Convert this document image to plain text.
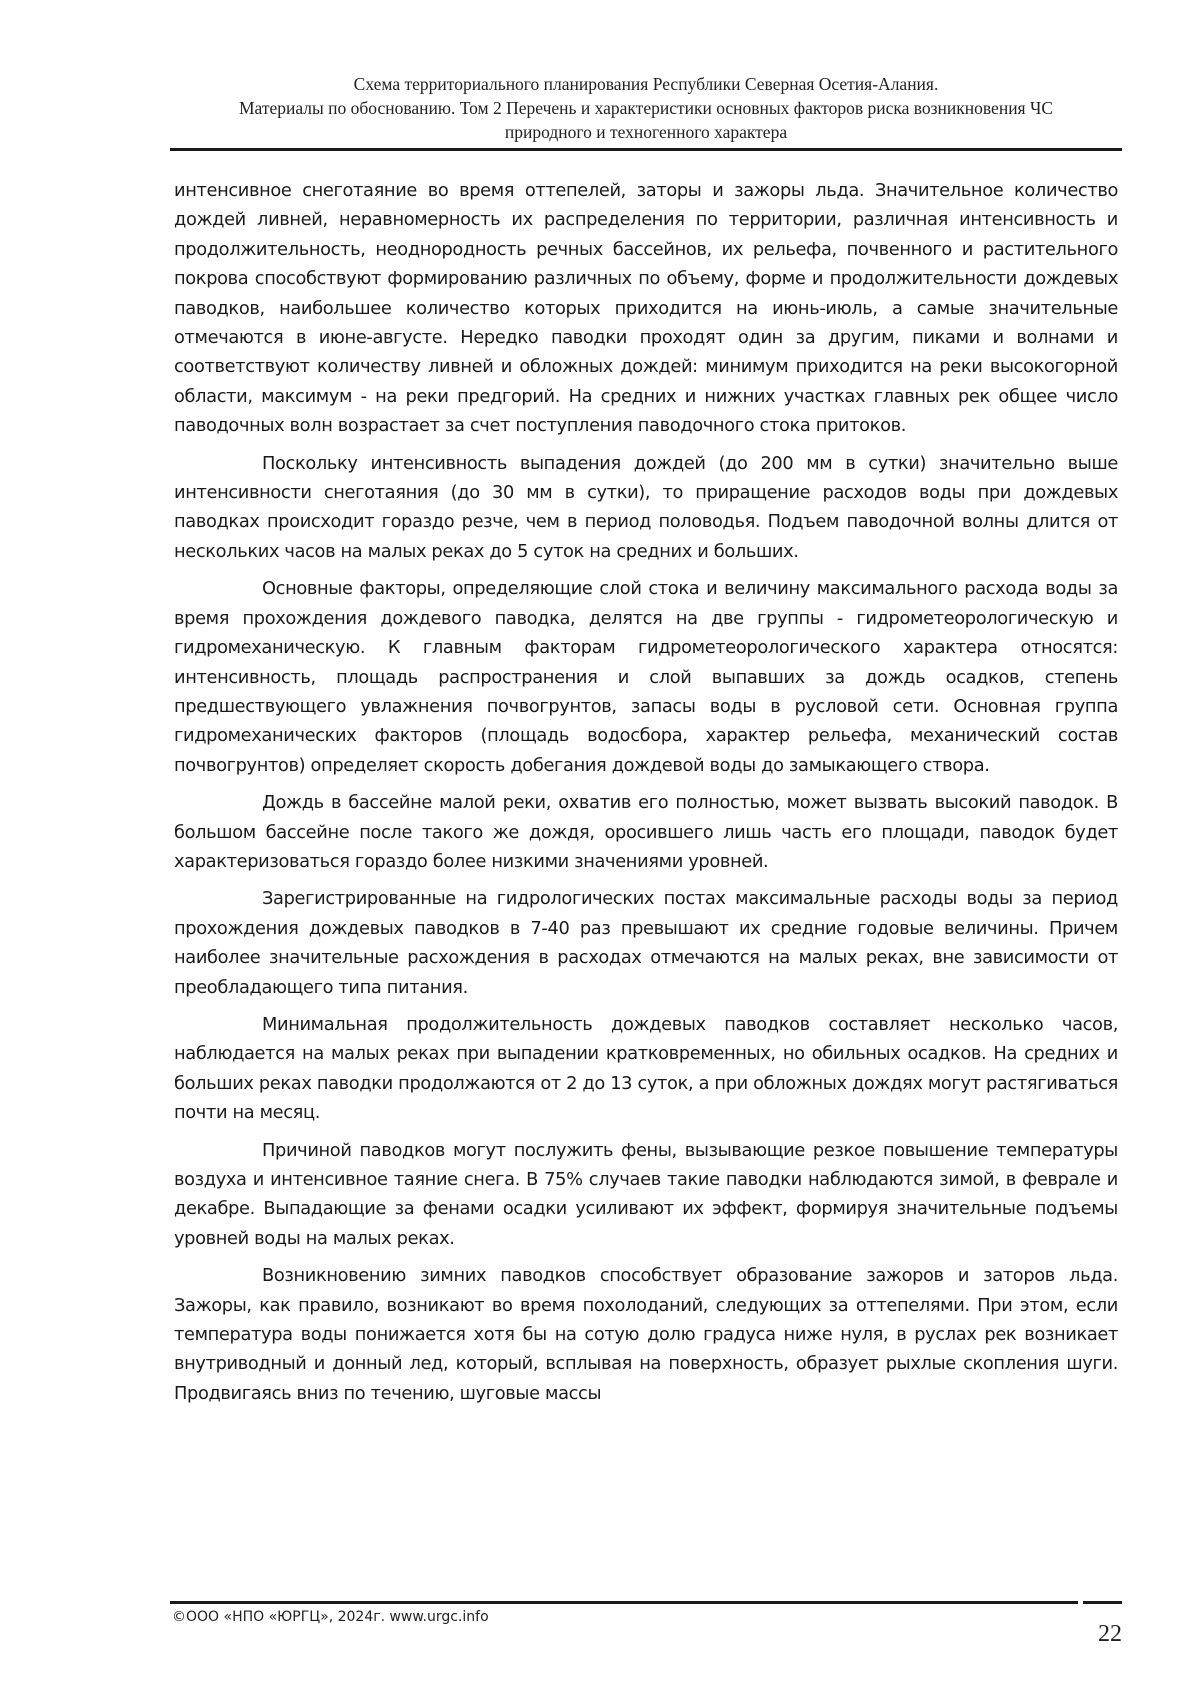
Схема территориального планирования Республики Северная Осетия-Алания.
Материалы по обоснованию. Том 2 Перечень и характеристики основных факторов риска возникновения ЧС
природного и техногенного характера

интенсивное снеготаяние во время оттепелей, заторы и зажоры льда. Значительное количество дождей ливней, неравномерность их распределения по территории, различная интенсивность и продолжительность, неоднородность речных бассейнов, их рельефа, почвенного и растительного покрова способствуют формированию различных по объему, форме и продолжительности дождевых паводков, наибольшее количество которых приходится на июнь-июль, а самые значительные отмечаются в июне-августе. Нередко паводки проходят один за другим, пиками и волнами и соответствуют количеству ливней и обложных дождей: минимум приходится на реки высокогорной области, максимум - на реки предгорий. На средних и нижних участках главных рек общее число паводочных волн возрастает за счет поступления паводочного стока притоков.

Поскольку интенсивность выпадения дождей (до 200 мм в сутки) значительно выше интенсивности снеготаяния (до 30 мм в сутки), то приращение расходов воды при дождевых паводках происходит гораздо резче, чем в период половодья. Подъем паводочной волны длится от нескольких часов на малых реках до 5 суток на средних и больших.

Основные факторы, определяющие слой стока и величину максимального расхода воды за время прохождения дождевого паводка, делятся на две группы - гидрометеорологическую и гидромеханическую. К главным факторам гидрометеорологического характера относятся: интенсивность, площадь распространения и слой выпавших за дождь осадков, степень предшествующего увлажнения почвогрунтов, запасы воды в русловой сети. Основная группа гидромеханических факторов (площадь водосбора, характер рельефа, механический состав почвогрунтов) определяет скорость добегания дождевой воды до замыкающего створа.

Дождь в бассейне малой реки, охватив его полностью, может вызвать высокий паводок. В большом бассейне после такого же дождя, оросившего лишь часть его площади, паводок будет характеризоваться гораздо более низкими значениями уровней.

Зарегистрированные на гидрологических постах максимальные расходы воды за период прохождения дождевых паводков в 7-40 раз превышают их средние годовые величины. Причем наиболее значительные расхождения в расходах отмечаются на малых реках, вне зависимости от преобладающего типа питания.

Минимальная продолжительность дождевых паводков составляет несколько часов, наблюдается на малых реках при выпадении кратковременных, но обильных осадков. На средних и больших реках паводки продолжаются от 2 до 13 суток, а при обложных дождях могут растягиваться почти на месяц.

Причиной паводков могут послужить фены, вызывающие резкое повышение температуры воздуха и интенсивное таяние снега. В 75% случаев такие паводки наблюдаются зимой, в феврале и декабре. Выпадающие за фенами осадки усиливают их эффект, формируя значительные подъемы уровней воды на малых реках.

Возникновению зимних паводков способствует образование зажоров и заторов льда. Зажоры, как правило, возникают во время похолоданий, следующих за оттепелями. При этом, если температура воды понижается хотя бы на сотую долю градуса ниже нуля, в руслах рек возникает внутриводный и донный лед, который, всплывая на поверхность, образует рыхлые скопления шуги. Продвигаясь вниз по течению, шуговые массы

©ООО «НПО «ЮРГЦ», 2024г. www.urgc.info
22
